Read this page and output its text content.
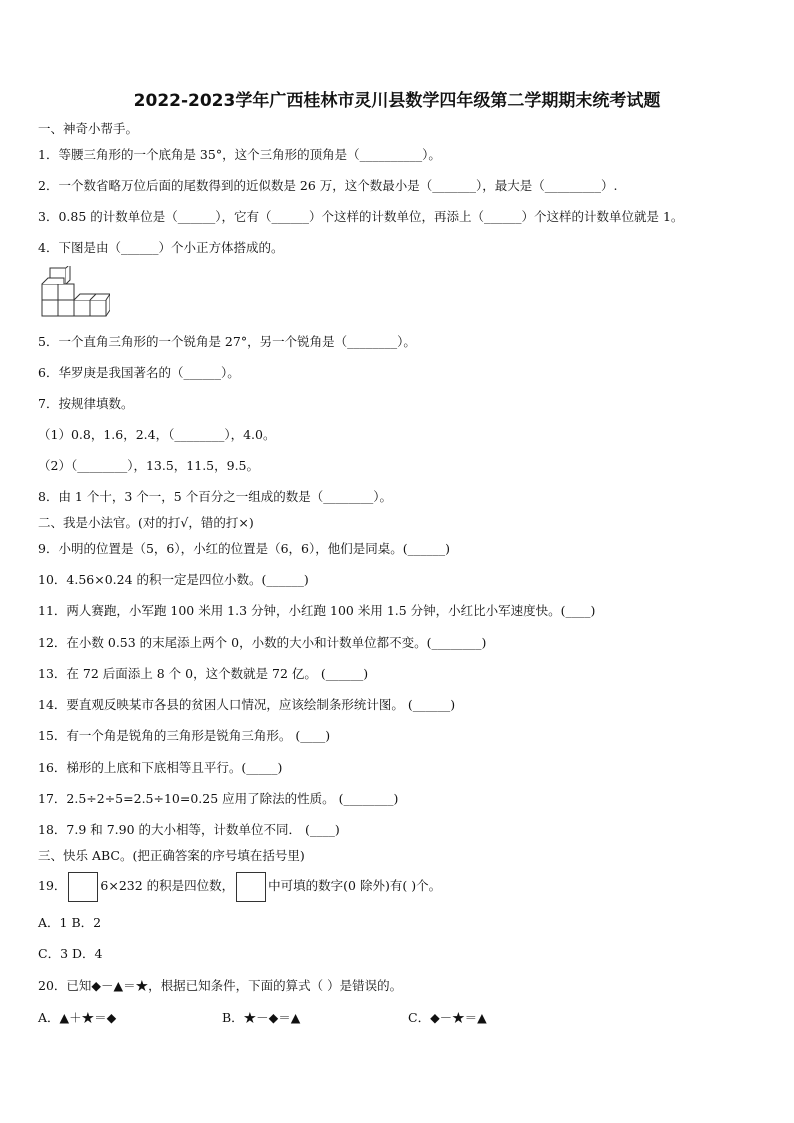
2022-2023学年广西桂林市灵川县数学四年级第二学期期末统考试题
一、神奇小帮手。
1．等腰三角形的一个底角是 35°，这个三角形的顶角是（__________）。
2．一个数省略万位后面的尾数得到的近似数是 26 万，这个数最小是（_______），最大是（_________）.
3．0.85 的计数单位是（______），它有（______）个这样的计数单位，再添上（______）个这样的计数单位就是 1。
4．下图是由（______）个小正方体搭成的。
5．一个直角三角形的一个锐角是 27°，另一个锐角是（________）。
6．华罗庚是我国著名的（______）。
7．按规律填数。
（1）0.8，1.6，2.4，（________），4.0。
（2）（________），13.5，11.5，9.5。
8．由 1 个十，3 个一，5 个百分之一组成的数是（________）。
二、我是小法官。(对的打√，错的打×)
9．小明的位置是（5，6），小红的位置是（6，6），他们是同桌。(______)
10．4.56×0.24 的积一定是四位小数。(______)
11．两人赛跑，小军跑 100 米用 1.3 分钟，小红跑 100 米用 1.5 分钟，小红比小军速度快。(____)
12．在小数 0.53 的末尾添上两个 0，小数的大小和计数单位都不变。(________)
13．在 72 后面添上 8 个 0，这个数就是 72 亿。 (______)
14．要直观反映某市各县的贫困人口情况，应该绘制条形统计图。 (______)
15．有一个角是锐角的三角形是锐角三角形。 (____)
16．梯形的上底和下底相等且平行。(_____)
17．2.5÷2÷5=2.5÷10=0.25 应用了除法的性质。 (________)
18．7.9 和 7.90 的大小相等，计数单位不同． (____)
三、快乐 ABC。(把正确答案的序号填在括号里)
19．	6×232 的积是四位数，	中可填的数字(0 除外)有( )个。
A．1 B．2
C．3 D．4
20．已知◆－▲＝★，根据已知条件，下面的算式（ ）是错误的。
A．▲＋★＝◆	B．★－◆＝▲	C．◆－★＝▲
